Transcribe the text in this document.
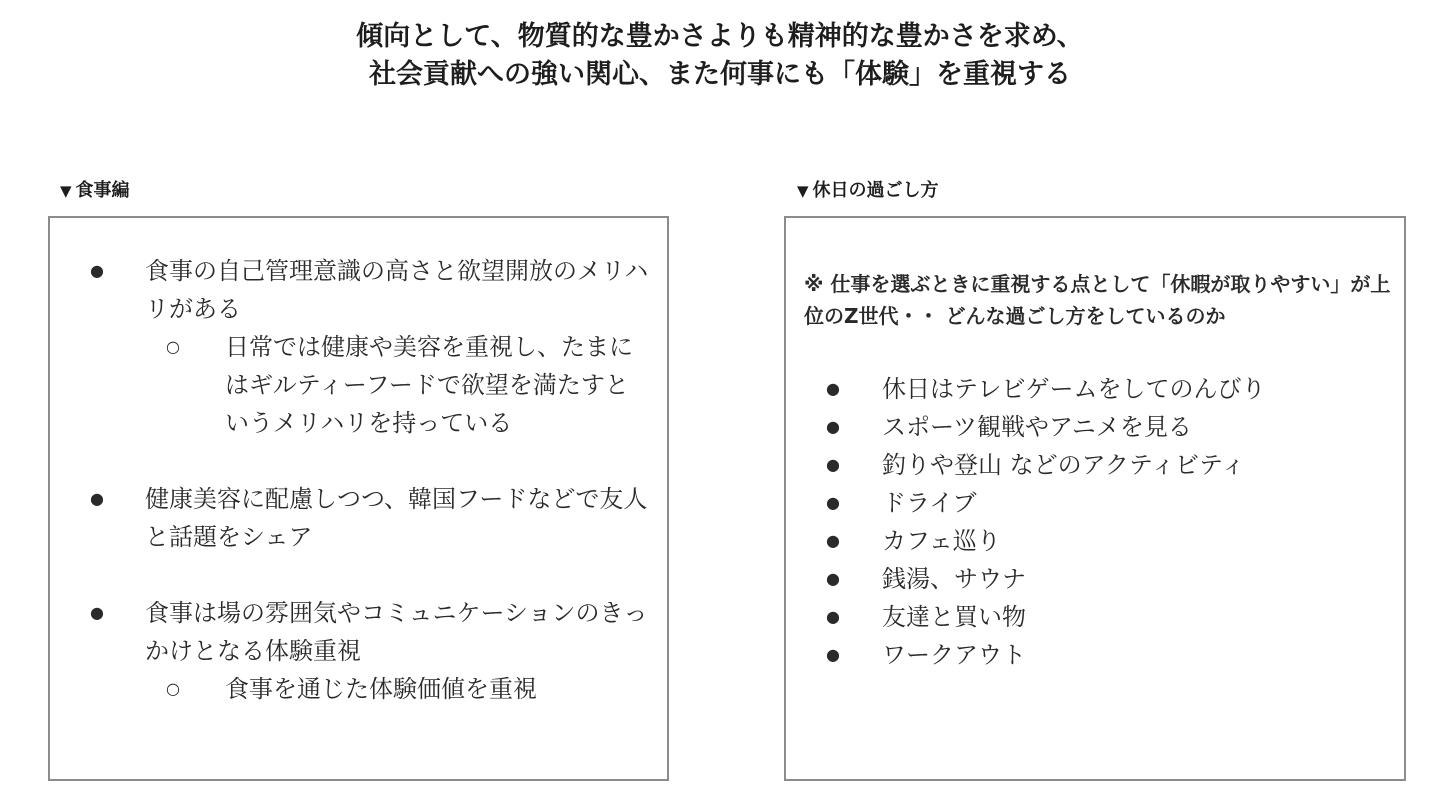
傾向として、物質的な豊かさよりも精神的な豊かさを求め、
社会貢献への強い関心、また何事にも「体験」を重視する
▼ 食事編	▼ 休日の過ごし方
● 食事の自己管理意識の高さと欲望開放のメリハリがある
○ 日常では健康や美容を重視し、たまにはギルティーフードで欲望を満たすというメリハリを持っている
● 健康美容に配慮しつつ、韓国フードなどで友人と話題をシェア
● 食事は場の雰囲気やコミュニケーションのきっかけとなる体験重視
○ 食事を通じた体験価値を重視
※ 仕事を選ぶときに重視する点として「休暇が取りやすい」が上位のZ世代・・ どんな過ごし方をしているのか
● 休日はテレビゲームをしてのんびり
● スポーツ観戦やアニメを見る
● 釣りや登山 などのアクティビティ
● ドライブ
● カフェ巡り
● 銭湯、サウナ
● 友達と買い物
● ワークアウト
